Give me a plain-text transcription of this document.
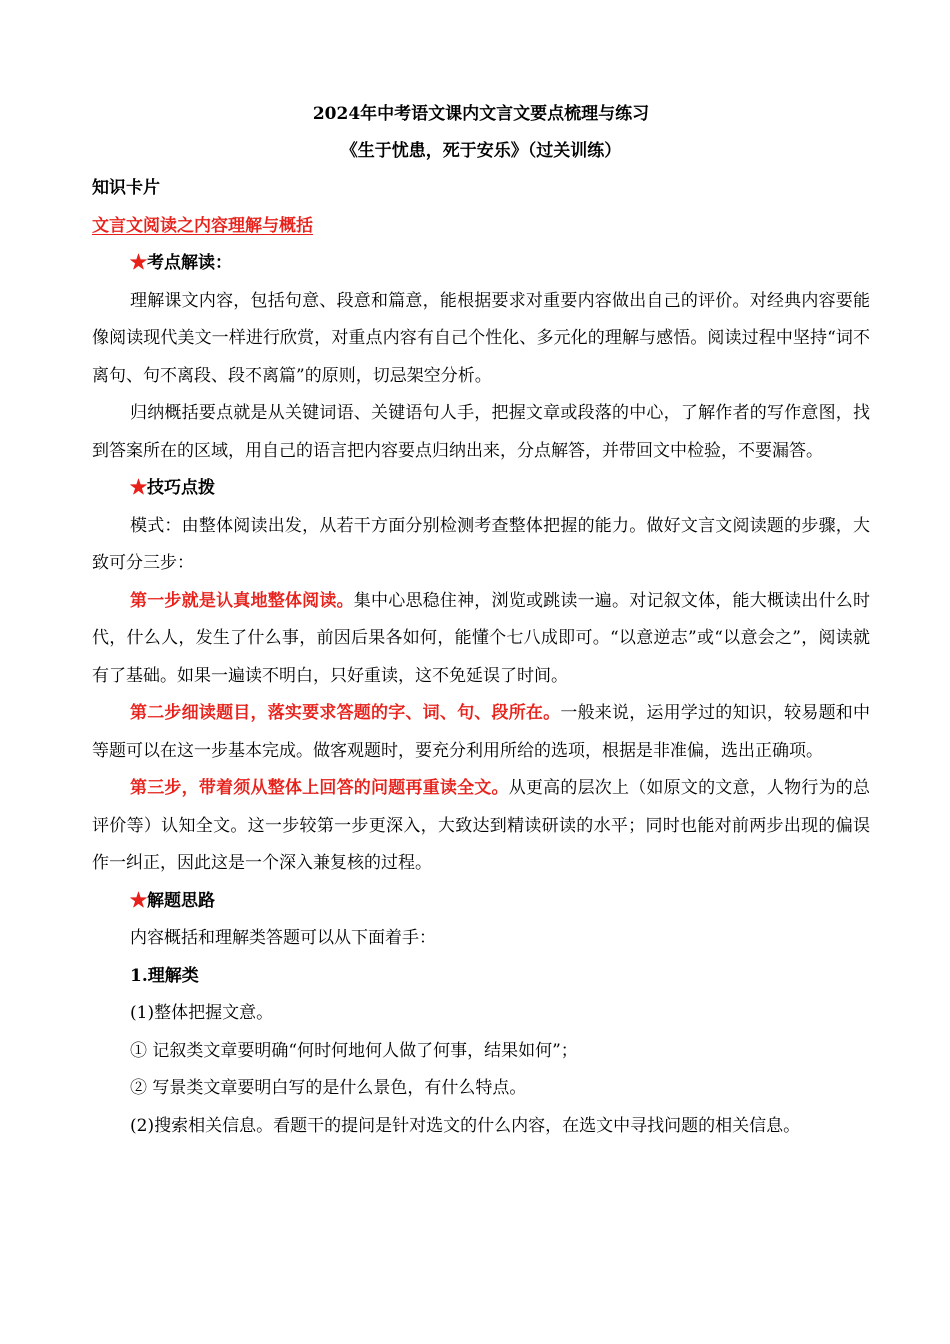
2024年中考语文课内文言文要点梳理与练习

《生于忧患，死于安乐》（过关训练）

知识卡片

文言文阅读之内容理解与概括

★考点解读：

理解课文内容，包括句意、段意和篇意，能根据要求对重要内容做出自己的评价。对经典内容要能像阅读现代美文一样进行欣赏，对重点内容有自己个性化、多元化的理解与感悟。阅读过程中坚持“词不离句、句不离段、段不离篇”的原则，切忌架空分析。

归纳概括要点就是从关键词语、关键语句人手，把握文章或段落的中心，了解作者的写作意图，找到答案所在的区域，用自己的语言把内容要点归纳出来，分点解答，并带回文中检验，不要漏答。

★技巧点拨

模式：由整体阅读出发，从若干方面分别检测考查整体把握的能力。做好文言文阅读题的步骤，大致可分三步：

第一步就是认真地整体阅读。集中心思稳住神，浏览或跳读一遍。对记叙文体，能大概读出什么时代，什么人，发生了什么事，前因后果各如何，能懂个七八成即可。“以意逆志”或“以意会之”，阅读就有了基础。如果一遍读不明白，只好重读，这不免延误了时间。

第二步细读题目，落实要求答题的字、词、句、段所在。一般来说，运用学过的知识，较易题和中等题可以在这一步基本完成。做客观题时，要充分利用所给的选项，根据是非准偏，选出正确项。

第三步，带着须从整体上回答的问题再重读全文。从更高的层次上（如原文的文意，人物行为的总评价等）认知全文。这一步较第一步更深入，大致达到精读研读的水平；同时也能对前两步出现的偏误作一纠正，因此这是一个深入兼复核的过程。

★解题思路

内容概括和理解类答题可以从下面着手：

1.理解类

(1)整体把握文意。

① 记叙类文章要明确“何时何地何人做了何事，结果如何”；

② 写景类文章要明白写的是什么景色，有什么特点。

(2)搜索相关信息。看题干的提问是针对选文的什么内容，在选文中寻找问题的相关信息。
